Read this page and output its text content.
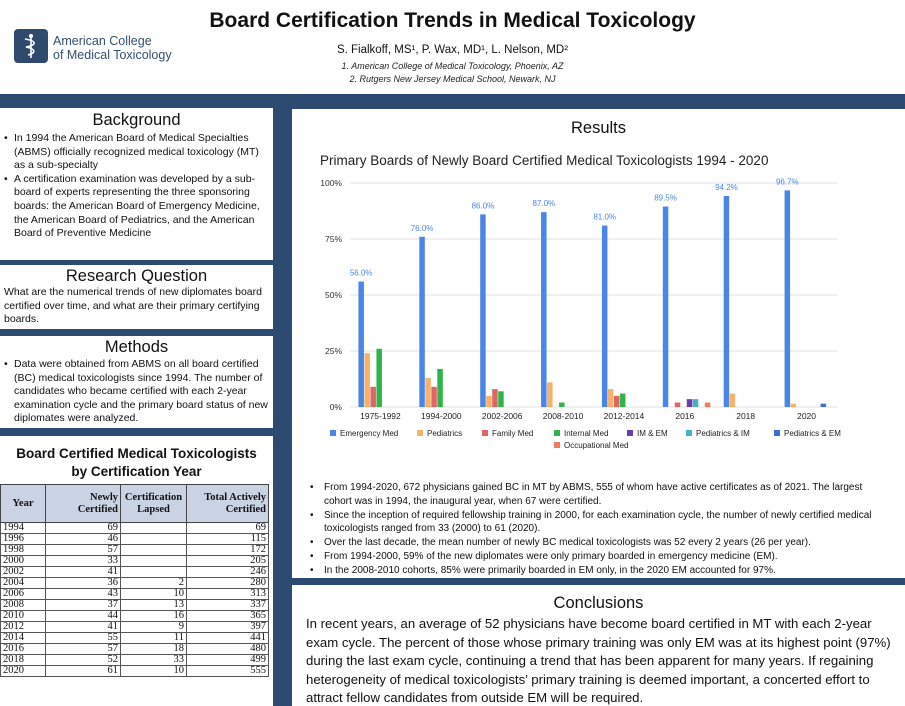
American College
of Medical Toxicology
Board Certification Trends in Medical Toxicology
S. Fialkoff, MS¹, P. Wax, MD¹, L. Nelson, MD²
1. American College of Medical Toxicology, Phoenix, AZ
2. Rutgers New Jersey Medical School, Newark, NJ
Background
• In 1994 the American Board of Medical Specialties (ABMS) officially recognized medical toxicology (MT) as a sub-specialty
• A certification examination was developed by a sub-board of experts representing the three sponsoring boards: the American Board of Emergency Medicine, the American Board of Pediatrics, and the American Board of Preventive Medicine
Research Question
What are the numerical trends of new diplomates board certified over time, and what are their primary certifying boards.
Methods
• Data were obtained from ABMS on all board certified (BC) medical toxicologists since 1994. The number of candidates who became certified with each 2-year examination cycle and the primary board status of new diplomates were analyzed.
Board Certified Medical Toxicologists
by Certification Year
Year	Newly Certified	Certification Lapsed	Total Actively Certified
1994	69		69
1996	46		115
1998	57		172
2000	33		205
2002	41		246
2004	36	2	280
2006	43	10	313
2008	37	13	337
2010	44	16	365
2012	41	9	397
2014	55	11	441
2016	57	18	480
2018	52	33	499
2020	61	10	555
Results
Primary Boards of Newly Board Certified Medical Toxicologists 1994 - 2020
0%
25%
50%
75%
100%
56.0%
1975-1992
76.0%
1994-2000
86.0%
2002-2006
87.0%
2008-2010
81.0%
2012-2014
89.5%
2016
94.2%
2018
96.7%
2020
Emergency Med	Pediatrics	Family Med	Internal Med	IM & EM	Pediatrics & IM	Pediatrics & EM
Occupational Med
• From 1994-2020, 672 physicians gained BC in MT by ABMS, 555 of whom have active certificates as of 2021. The largest cohort was in 1994, the inaugural year, when 67 were certified.
• Since the inception of required fellowship training in 2000, for each examination cycle, the number of newly certified medical toxicologists ranged from 33 (2000) to 61 (2020).
• Over the last decade, the mean number of newly BC medical toxicologists was 52 every 2 years (26 per year).
• From 1994-2000, 59% of the new diplomates were only primary boarded in emergency medicine (EM).
• In the 2008-2010 cohorts, 85% were primarily boarded in EM only, in the 2020 EM accounted for 97%.
Conclusions
In recent years, an average of 52 physicians have become board certified in MT with each 2-year exam cycle. The percent of those whose primary training was only EM was at its highest point (97%) during the last exam cycle, continuing a trend that has been apparent for many years. If regaining heterogeneity of medical toxicologists’ primary training is deemed important, a concerted effort to attract fellow candidates from outside EM will be required.
